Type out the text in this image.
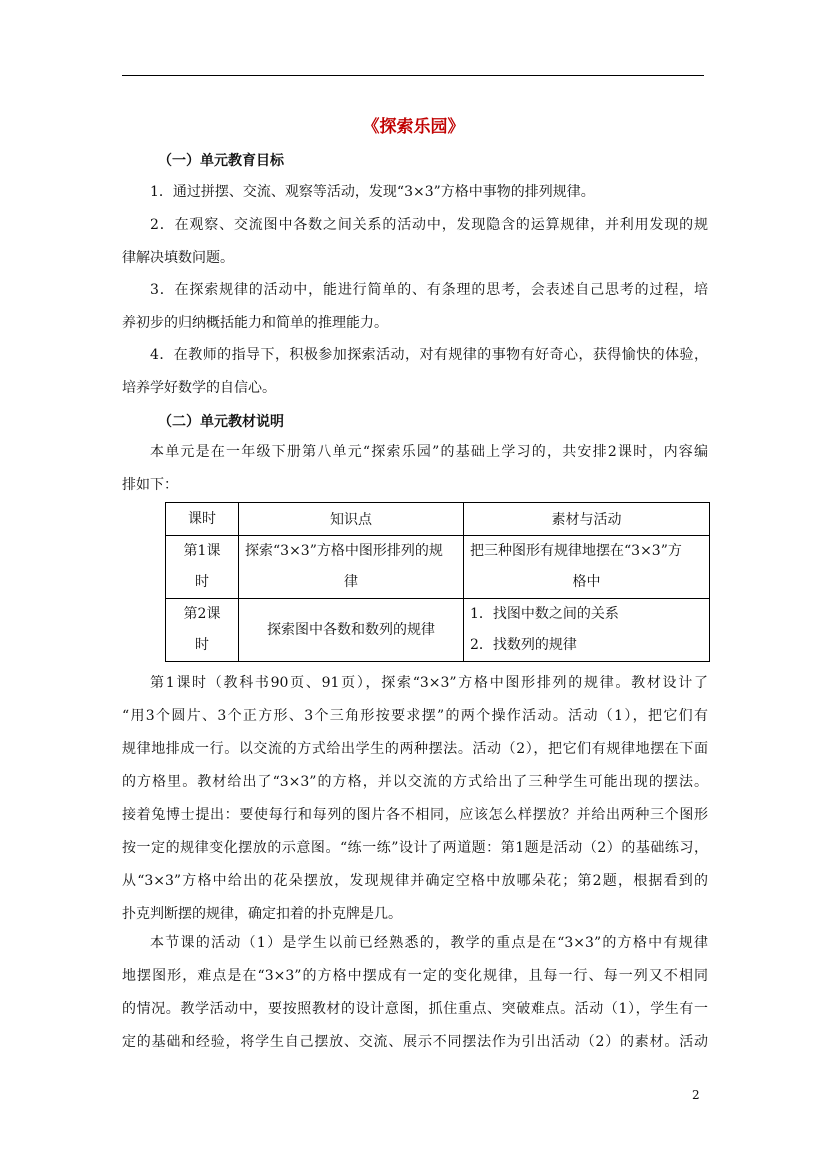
《探索乐园》
（一）单元教育目标
1．通过拼摆、交流、观察等活动，发现“3×3”方格中事物的排列规律。
2．在观察、交流图中各数之间关系的活动中，发现隐含的运算规律，并利用发现的规
律解决填数问题。
3．在探索规律的活动中，能进行简单的、有条理的思考，会表述自己思考的过程，培
养初步的归纳概括能力和简单的推理能力。
4．在教师的指导下，积极参加探索活动，对有规律的事物有好奇心，获得愉快的体验，
培养学好数学的自信心。
（二）单元教材说明
本单元是在一年级下册第八单元“探索乐园”的基础上学习的，共安排2课时，内容编
排如下：
课时	知识点	素材与活动

第1课
时	探索“3×3”方格中图形排列的规
律	把三种图形有规律地摆在“3×3”方
格中

第2课
时	探索图中各数和数列的规律	1．找图中数之间的关系
2．找数列的规律
第1课时（教科书90页、91页），探索“3×3”方格中图形排列的规律。教材设计了
“用3个圆片、3个正方形、3个三角形按要求摆”的两个操作活动。活动（1），把它们有
规律地排成一行。以交流的方式给出学生的两种摆法。活动（2），把它们有规律地摆在下面
的方格里。教材给出了“3×3”的方格，并以交流的方式给出了三种学生可能出现的摆法。
接着兔博士提出：要使每行和每列的图片各不相同，应该怎么样摆放？并给出两种三个图形
按一定的规律变化摆放的示意图。“练一练”设计了两道题：第1题是活动（2）的基础练习，
从“3×3”方格中给出的花朵摆放，发现规律并确定空格中放哪朵花；第2题，根据看到的
扑克判断摆的规律，确定扣着的扑克牌是几。
本节课的活动（1）是学生以前已经熟悉的，教学的重点是在“3×3”的方格中有规律
地摆图形，难点是在“3×3”的方格中摆成有一定的变化规律，且每一行、每一列又不相同
的情况。教学活动中，要按照教材的设计意图，抓住重点、突破难点。活动（1），学生有一
定的基础和经验，将学生自己摆放、交流、展示不同摆法作为引出活动（2）的素材。活动
2
